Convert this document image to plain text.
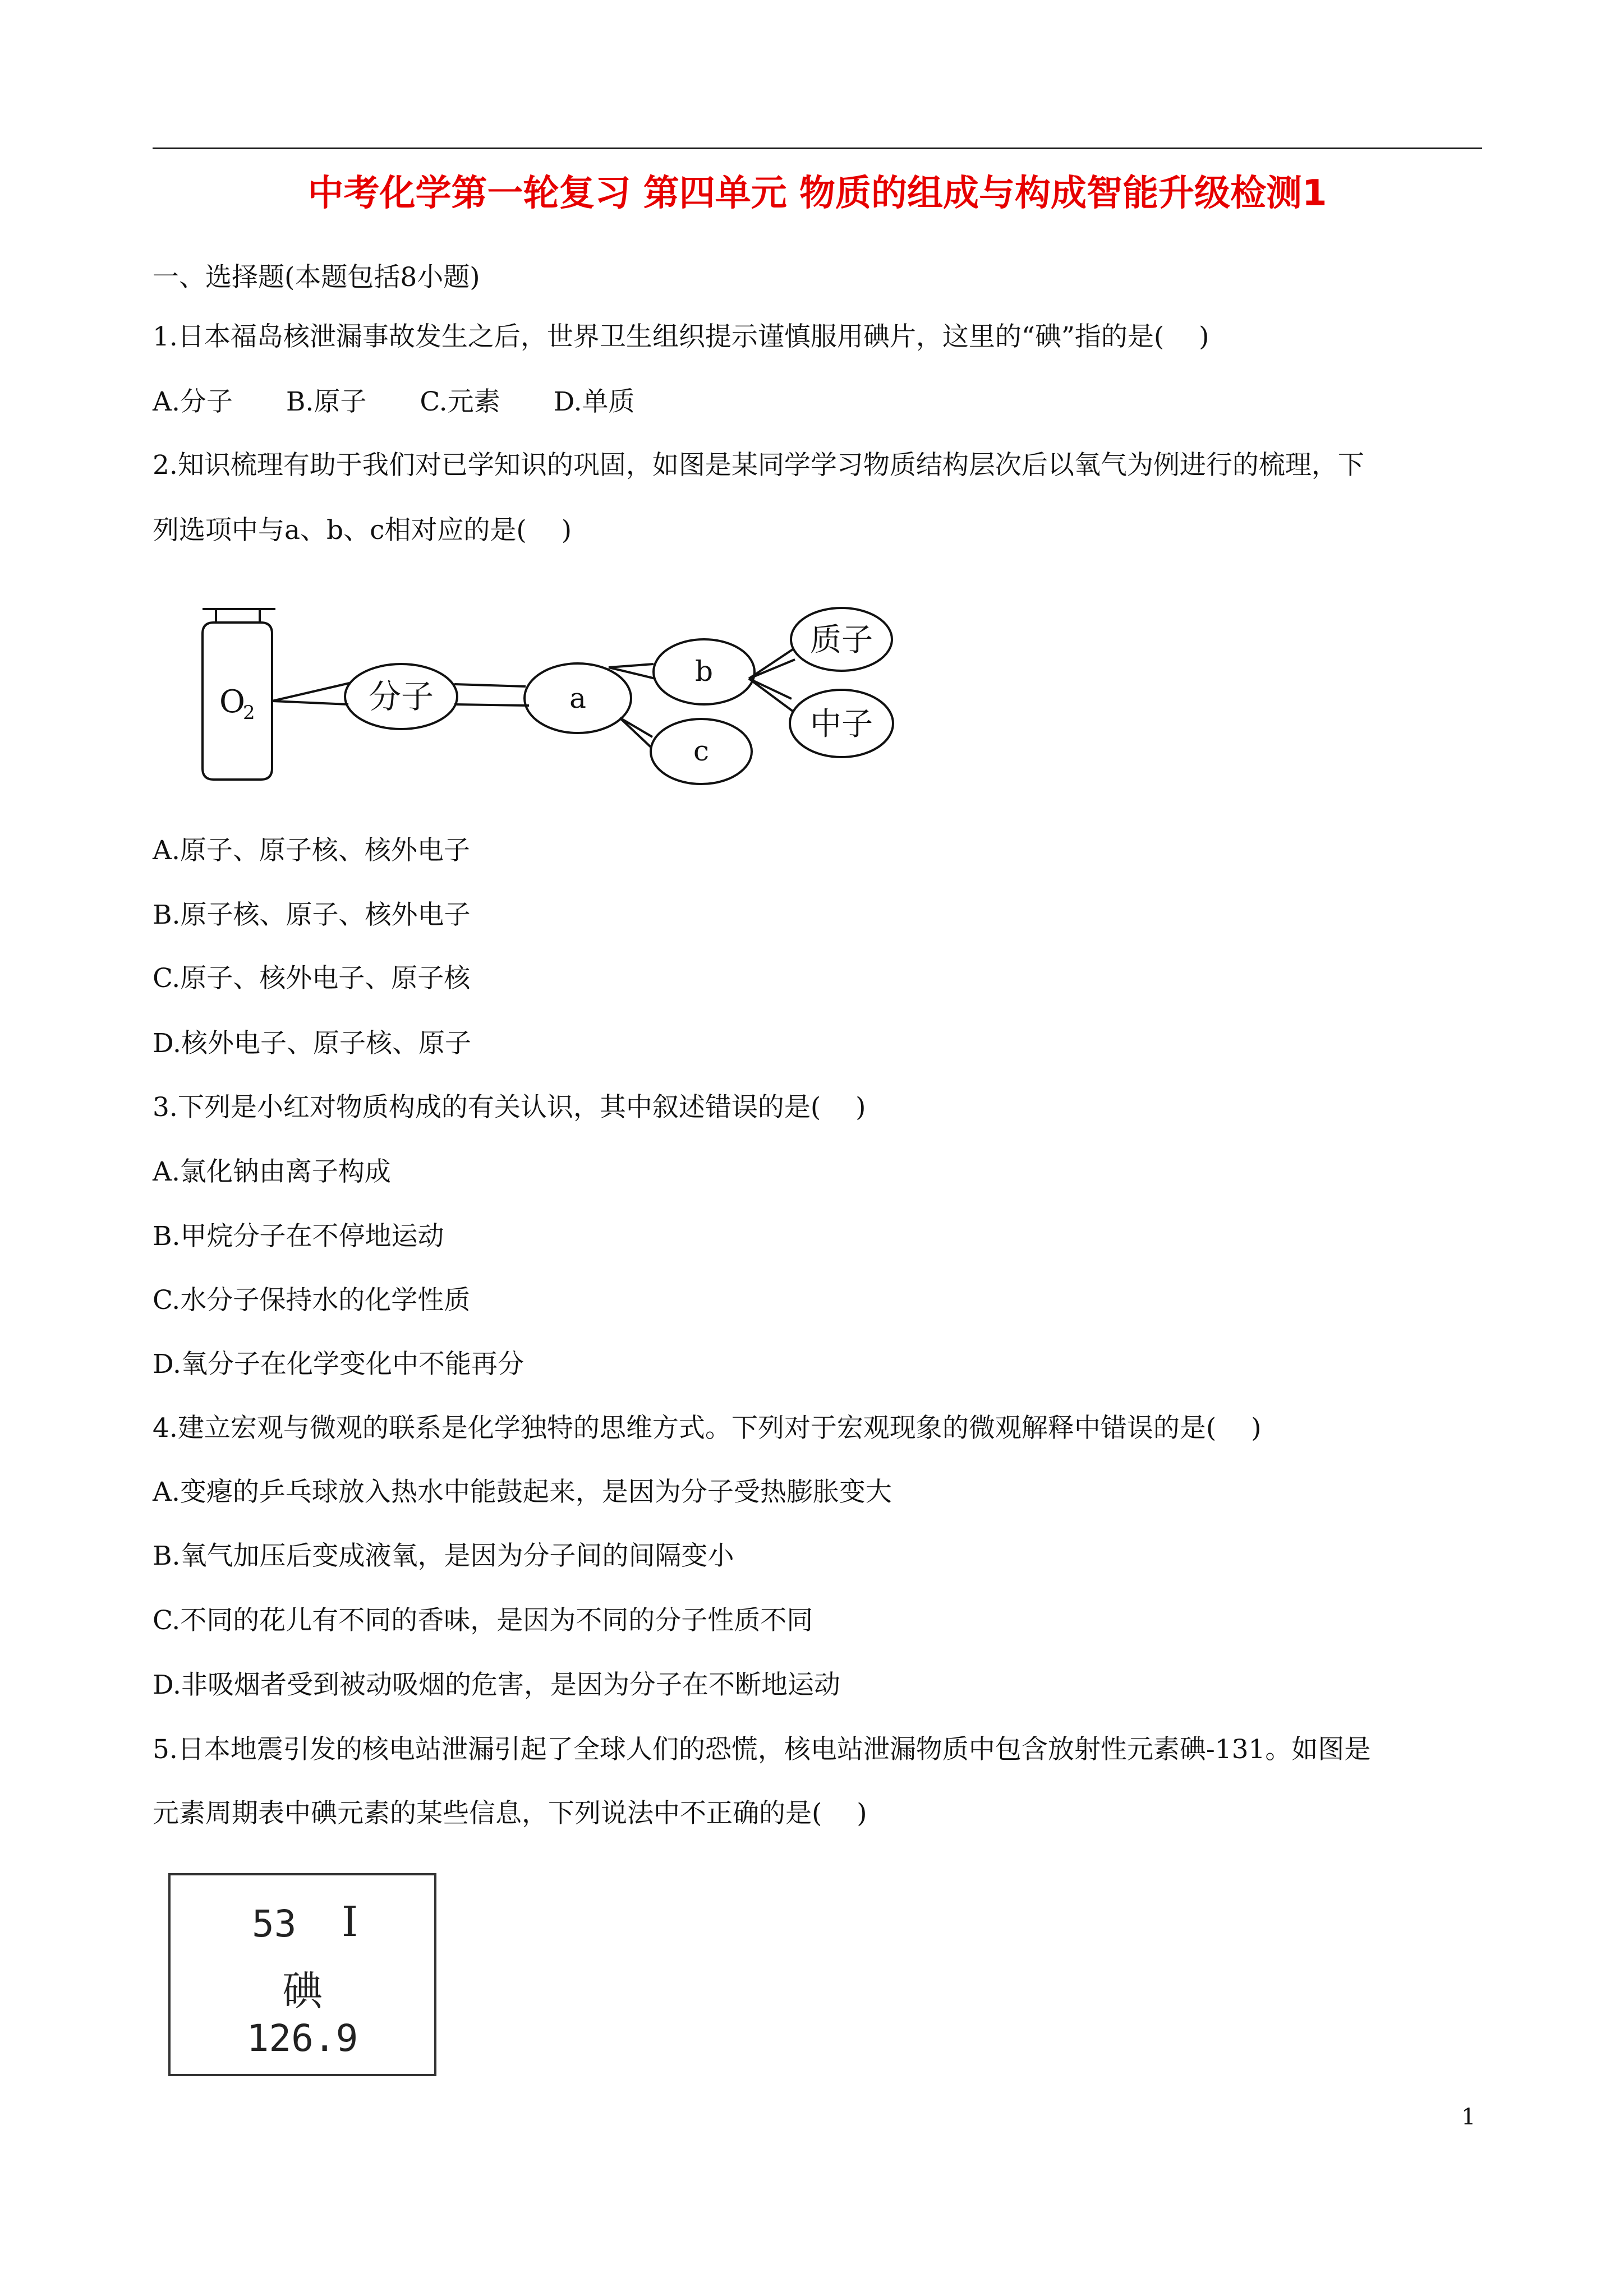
中考化学第一轮复习 第四单元 物质的组成与构成智能升级检测1
一、选择题(本题包括8小题)
1.日本福岛核泄漏事故发生之后，世界卫生组织提示谨慎服用碘片，这里的“碘”指的是(　 )
A.分子 B.原子 C.元素 D.单质
2.知识梳理有助于我们对已学知识的巩固，如图是某同学学习物质结构层次后以氧气为例进行的梳理，下
列选项中与a、b、c相对应的是(　 )
O
2	分子	a
b
c
质子
中子
A.原子、原子核、核外电子
B.原子核、原子、核外电子
C.原子、核外电子、原子核
D.核外电子、原子核、原子
3.下列是小红对物质构成的有关认识，其中叙述错误的是(　 )
A.氯化钠由离子构成
B.甲烷分子在不停地运动
C.水分子保持水的化学性质
D.氧分子在化学变化中不能再分
4.建立宏观与微观的联系是化学独特的思维方式。下列对于宏观现象的微观解释中错误的是(　 )
A.变瘪的乒乓球放入热水中能鼓起来，是因为分子受热膨胀变大
B.氧气加压后变成液氧，是因为分子间的间隔变小
C.不同的花儿有不同的香味，是因为不同的分子性质不同
D.非吸烟者受到被动吸烟的危害，是因为分子在不断地运动
5.日本地震引发的核电站泄漏引起了全球人们的恐慌，核电站泄漏物质中包含放射性元素碘-131。如图是
元素周期表中碘元素的某些信息，下列说法中不正确的是(　 )
53 I
碘
126.9
1
